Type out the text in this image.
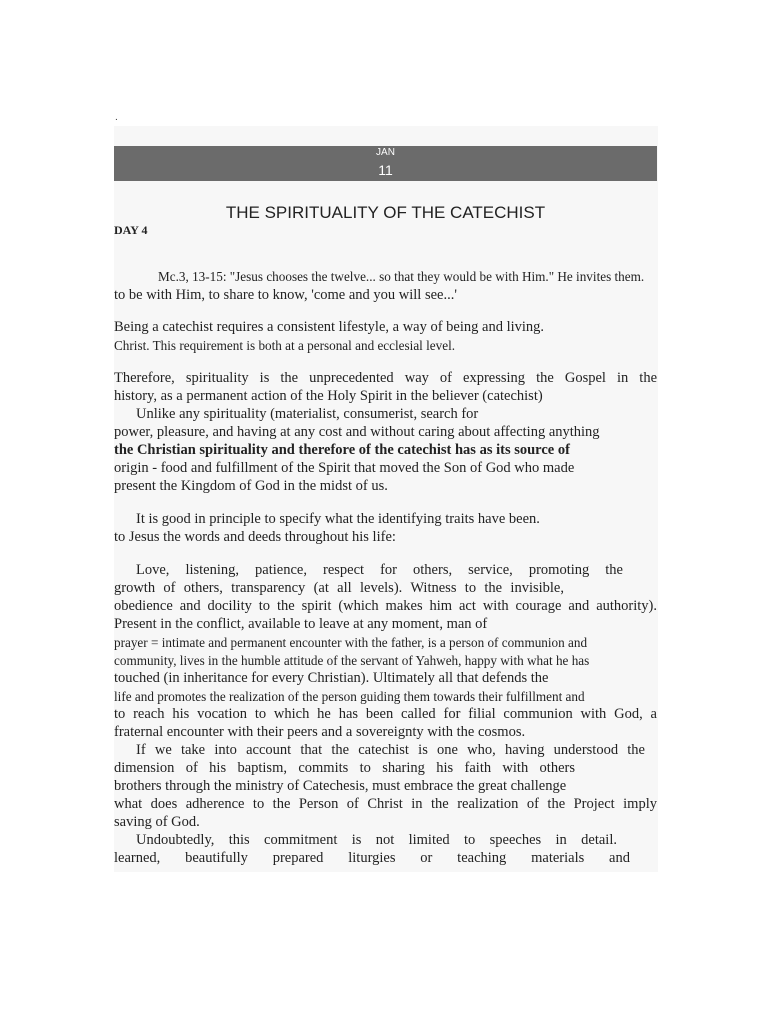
.
JAN
11
THE SPIRITUALITY OF THE CATECHIST
DAY 4
Mc.3, 13-15: "Jesus chooses the twelve... so that they would be with Him." He invites them.
to be with Him, to share to know, 'come and you will see...'
Being a catechist requires a consistent lifestyle, a way of being and living.
Christ. This requirement is both at a personal and ecclesial level.
Therefore, spirituality is the unprecedented way of expressing the Gospel in the
history, as a permanent action of the Holy Spirit in the believer (catechist)
Unlike any spirituality (materialist, consumerist, search for
power, pleasure, and having at any cost and without caring about affecting anything
the Christian spirituality and therefore of the catechist has as its source of
origin - food and fulfillment of the Spirit that moved the Son of God who made
present the Kingdom of God in the midst of us.
It is good in principle to specify what the identifying traits have been.
to Jesus the words and deeds throughout his life:
Love, listening, patience, respect for others, service, promoting the
growth of others, transparency (at all levels). Witness to the invisible,
obedience and docility to the spirit (which makes him act with courage and authority).
Present in the conflict, available to leave at any moment, man of
prayer = intimate and permanent encounter with the father, is a person of communion and
community, lives in the humble attitude of the servant of Yahweh, happy with what he has
touched (in inheritance for every Christian). Ultimately all that defends the
life and promotes the realization of the person guiding them towards their fulfillment and
to reach his vocation to which he has been called for filial communion with God, a
fraternal encounter with their peers and a sovereignty with the cosmos.
If we take into account that the catechist is one who, having understood the
dimension of his baptism, commits to sharing his faith with others
brothers through the ministry of Catechesis, must embrace the great challenge
what does adherence to the Person of Christ in the realization of the Project imply
saving of God.
Undoubtedly, this commitment is not limited to speeches in detail.
learned, beautifully prepared liturgies or teaching materials and
